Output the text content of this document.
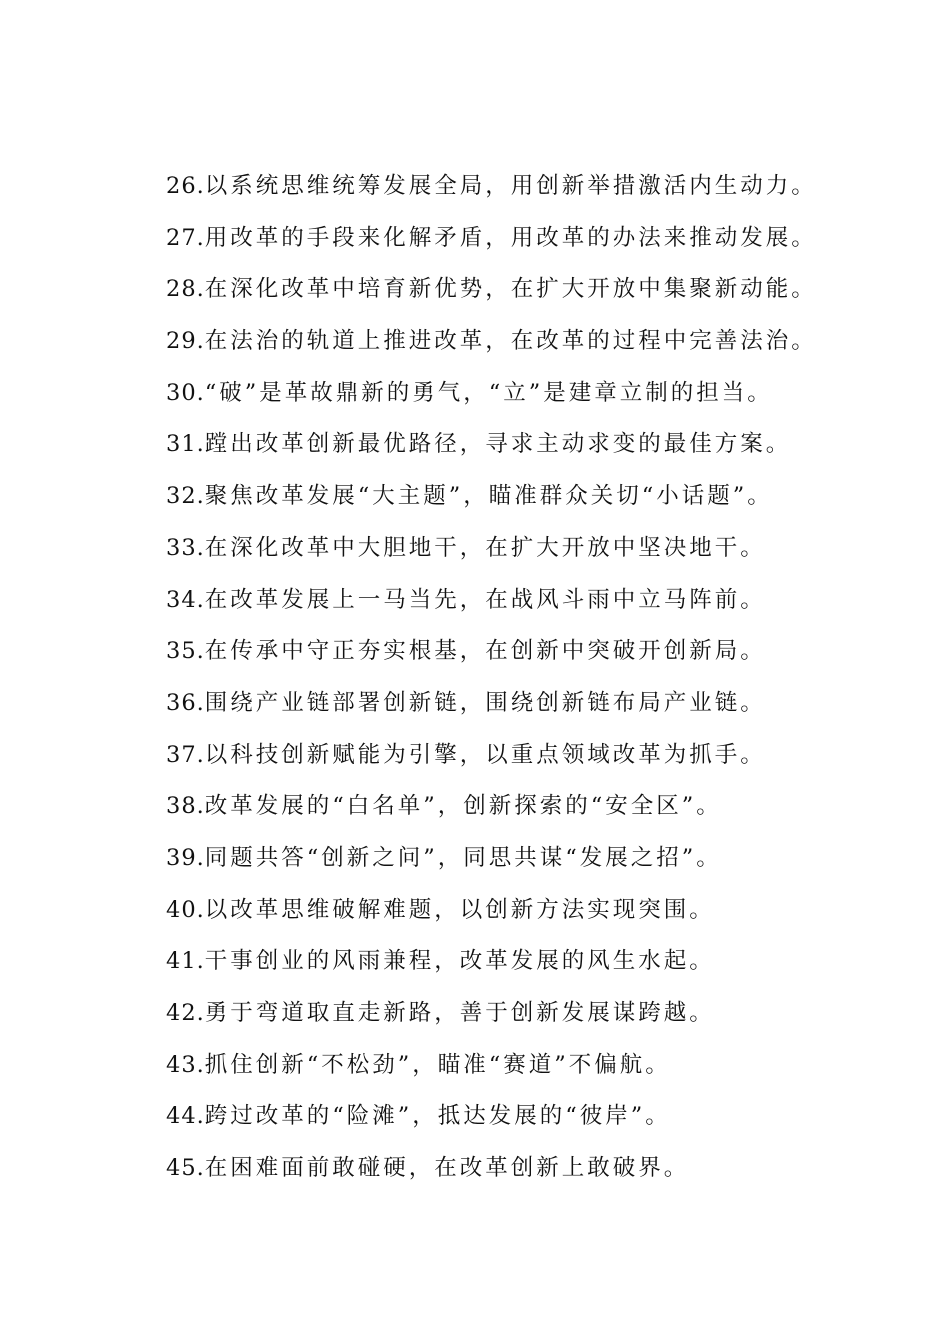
26.以系统思维统筹发展全局，用创新举措激活内生动力。
27.用改革的手段来化解矛盾，用改革的办法来推动发展。
28.在深化改革中培育新优势，在扩大开放中集聚新动能。
29.在法治的轨道上推进改革，在改革的过程中完善法治。
30.“破”是革故鼎新的勇气，“立”是建章立制的担当。
31.蹚出改革创新最优路径，寻求主动求变的最佳方案。
32.聚焦改革发展“大主题”，瞄准群众关切“小话题”。
33.在深化改革中大胆地干，在扩大开放中坚决地干。
34.在改革发展上一马当先，在战风斗雨中立马阵前。
35.在传承中守正夯实根基，在创新中突破开创新局。
36.围绕产业链部署创新链，围绕创新链布局产业链。
37.以科技创新赋能为引擎，以重点领域改革为抓手。
38.改革发展的“白名单”，创新探索的“安全区”。
39.同题共答“创新之问”，同思共谋“发展之招”。
40.以改革思维破解难题，以创新方法实现突围。
41.干事创业的风雨兼程，改革发展的风生水起。
42.勇于弯道取直走新路，善于创新发展谋跨越。
43.抓住创新“不松劲”，瞄准“赛道”不偏航。
44.跨过改革的“险滩”，抵达发展的“彼岸”。
45.在困难面前敢碰硬，在改革创新上敢破界。
